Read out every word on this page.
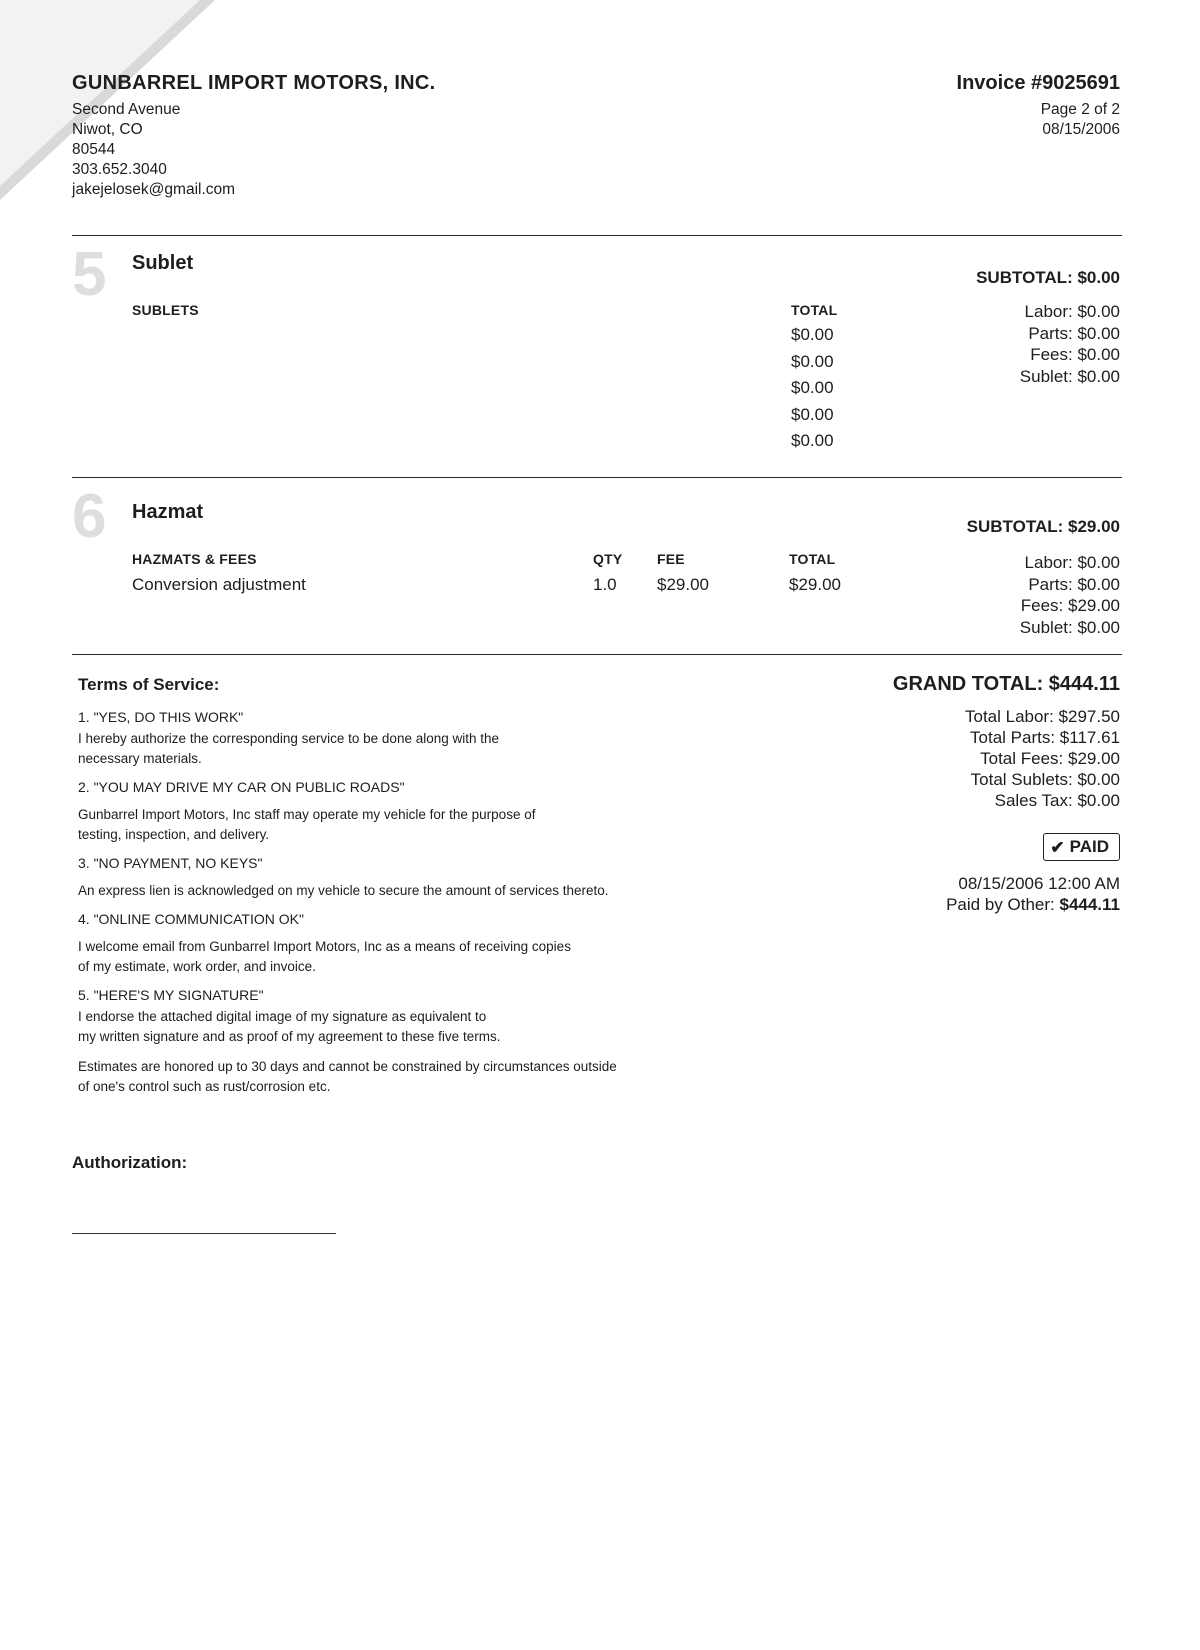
GUNBARREL IMPORT MOTORS, INC.
Second Avenue
Niwot, CO
80544
303.652.3040
jakejelosek@gmail.com
Invoice #9025691
Page 2 of 2
08/15/2006
5 Sublet
SUBLETS	TOTAL
$0.00
$0.00
$0.00
$0.00
$0.00
SUBTOTAL: $0.00
Labor: $0.00
Parts: $0.00
Fees: $0.00
Sublet: $0.00
6 Hazmat
HAZMATS & FEES	QTY FEE	TOTAL
Conversion adjustment	1.0 $29.00	$29.00
SUBTOTAL: $29.00
Labor: $0.00
Parts: $0.00
Fees: $29.00
Sublet: $0.00
Terms of Service:
1. "YES, DO THIS WORK"
I hereby authorize the corresponding service to be done along with the
necessary materials.
2. "YOU MAY DRIVE MY CAR ON PUBLIC ROADS"
Gunbarrel Import Motors, Inc staff may operate my vehicle for the purpose of
testing, inspection, and delivery.
3. "NO PAYMENT, NO KEYS"
An express lien is acknowledged on my vehicle to secure the amount of services thereto.
4. "ONLINE COMMUNICATION OK"
I welcome email from Gunbarrel Import Motors, Inc as a means of receiving copies
of my estimate, work order, and invoice.
5. "HERE'S MY SIGNATURE"
I endorse the attached digital image of my signature as equivalent to
my written signature and as proof of my agreement to these five terms.
Estimates are honored up to 30 days and cannot be constrained by circumstances outside
of one's control such as rust/corrosion etc.
GRAND TOTAL: $444.11
Total Labor: $297.50
Total Parts: $117.61
Total Fees: $29.00
Total Sublets: $0.00
Sales Tax: $0.00
✔ PAID
08/15/2006 12:00 AM
Paid by Other: $444.11
Authorization:
